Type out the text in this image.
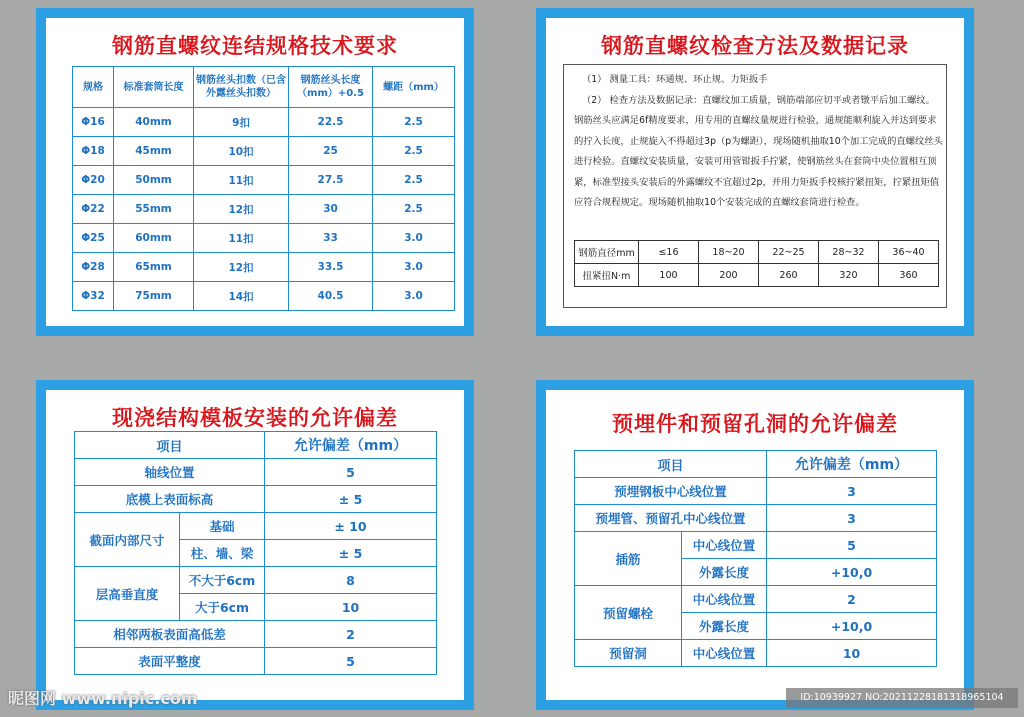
钢筋直螺纹连结规格技术要求
规格	标准套筒长度	钢筋丝头扣数（已含外露丝头扣数）	钢筋丝头长度（mm）+0.5	螺距（mm）
Φ16	40mm	9扣	22.5	2.5
Φ18	45mm	10扣	25	2.5
Φ20	50mm	11扣	27.5	2.5
Φ22	55mm	12扣	30	2.5
Φ25	60mm	11扣	33	3.0
Φ28	65mm	12扣	33.5	3.0
Φ32	75mm	14扣	40.5	3.0
钢筋直螺纹检查方法及数据记录

（1） 测量工具：环通规、环止规、力矩扳手

（2） 检查方法及数据记录：直螺纹加工质量，钢筋端部应切平或者镦平后加工螺纹。钢筋丝头应满足6f精度要求，用专用的直螺纹量规进行检验，通规能顺利旋入并达到要求的拧入长度，止规旋入不得超过3p（p为螺距），现场随机抽取10个加工完成的直螺纹丝头进行检验。直螺纹安装质量，安装可用管钳扳手拧紧，使钢筋丝头在套筒中央位置相互顶紧，标准型接头安装后的外露螺纹不宜超过2p，并用力矩扳手校核拧紧扭矩，拧紧扭矩值应符合规程规定。现场随机抽取10个安装完成的直螺纹套筒进行检查。

钢筋直径mm	≤16	18~20	22~25	28~32	36~40
扭紧扭N·m	100	200	260	320	360
现浇结构模板安装的允许偏差
项目		允许偏差（mm）
轴线位置		5
底模上表面标高		± 5
截面内部尺寸	基础	± 10
	柱、墙、梁	± 5
层高垂直度	不大于6cm	8
	大于6cm	10
相邻两板表面高低差		2
表面平整度		5
预埋件和预留孔洞的允许偏差
项目		允许偏差（mm）
预埋钢板中心线位置		3
预埋管、预留孔中心线位置		3
插筋	中心线位置	5
	外露长度	+10,0
预留螺栓	中心线位置	2
	外露长度	+10,0
预留洞	中心线位置	10
昵图网 www.nipic.com	ID:10939927 NO:20211228181318965104
